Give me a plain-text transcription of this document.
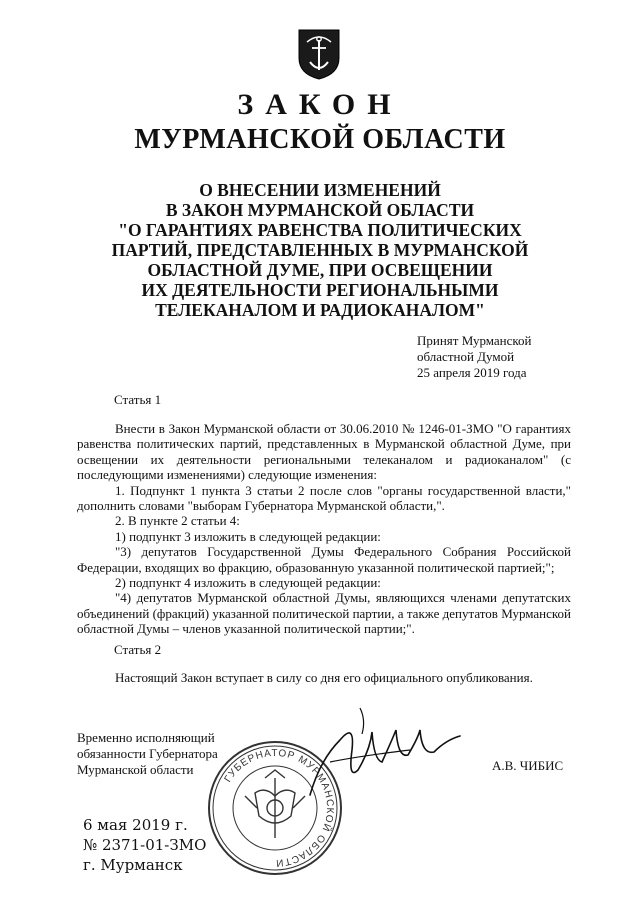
ЗАКОН
МУРМАНСКОЙ ОБЛАСТИ
О ВНЕСЕНИИ ИЗМЕНЕНИЙ
В ЗАКОН МУРМАНСКОЙ ОБЛАСТИ
"О ГАРАНТИЯХ РАВЕНСТВА ПОЛИТИЧЕСКИХ
ПАРТИЙ, ПРЕДСТАВЛЕННЫХ В МУРМАНСКОЙ
ОБЛАСТНОЙ ДУМЕ, ПРИ ОСВЕЩЕНИИ
ИХ ДЕЯТЕЛЬНОСТИ РЕГИОНАЛЬНЫМИ
ТЕЛЕКАНАЛОМ И РАДИОКАНАЛОМ"
Принят Мурманской
областной Думой
25 апреля 2019 года
Статья 1

Внести в Закон Мурманской области от 30.06.2010 № 1246-01-ЗМО "О гарантиях равенства политических партий, представленных в Мурманской областной Думе, при освещении их деятельности региональными телеканалом и радиоканалом" (с последующими изменениями) следующие изменения:

1. Подпункт 1 пункта 3 статьи 2 после слов "органы государственной власти," дополнить словами "выборам Губернатора Мурманской области,".

2. В пункте 2 статьи 4:

1) подпункт 3 изложить в следующей редакции:

"3) депутатов Государственной Думы Федерального Собрания Российской Федерации, входящих во фракцию, образованную указанной политической партией;";

2) подпункт 4 изложить в следующей редакции:

"4) депутатов Мурманской областной Думы, являющихся членами депутатских объединений (фракций) указанной политической партии, а также депутатов Мурманской областной Думы – членов указанной политической партии;".

Статья 2

Настоящий Закон вступает в силу со дня его официального опубликования.

Временно исполняющий
обязанности Губернатора
Мурманской области
ГУБЕРНАТОР МУРМАНСКОЙ ОБЛАСТИ
А.В. ЧИБИС
6 мая 2019 г.
№ 2371-01-ЗМО
г. Мурманск
